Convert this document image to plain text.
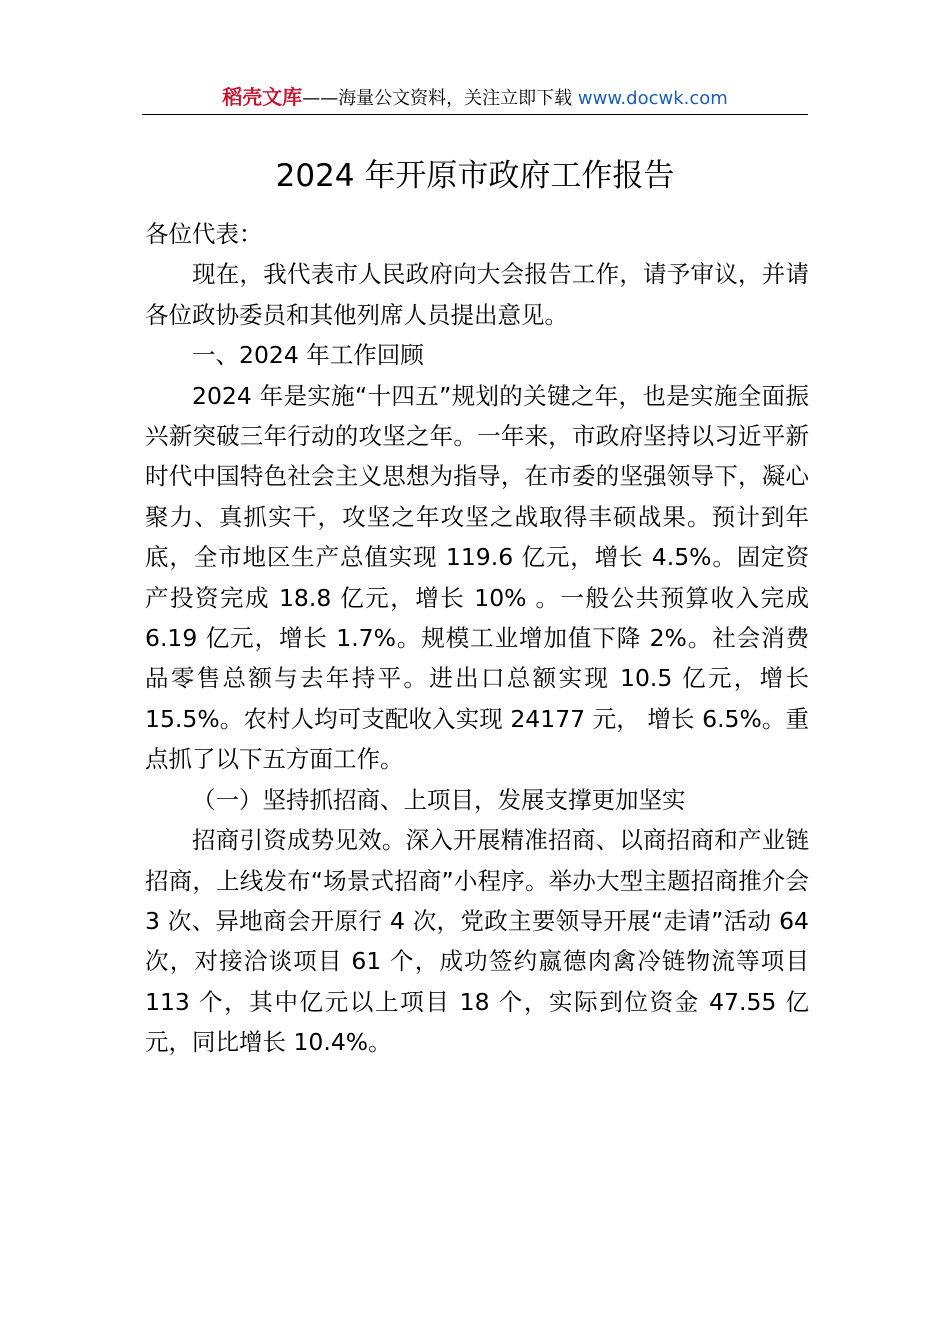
稻壳文库——海量公文资料，关注立即下载 www.docwk.com
2024 年开原市政府工作报告

各位代表：

现在，我代表市人民政府向大会报告工作，请予审议，并请各位政协委员和其他列席人员提出意见。

一、2024 年工作回顾

2024 年是实施“十四五”规划的关键之年，也是实施全面振兴新突破三年行动的攻坚之年。一年来，市政府坚持以习近平新时代中国特色社会主义思想为指导，在市委的坚强领导下，凝心聚力、真抓实干，攻坚之年攻坚之战取得丰硕战果。预计到年底，全市地区生产总值实现 119.6 亿元，增长 4.5%。固定资产投资完成 18.8 亿元，增长 10% 。一般公共预算收入完成 6.19 亿元，增长 1.7%。规模工业增加值下降 2%。社会消费品零售总额与去年持平。进出口总额实现 10.5 亿元，增长 15.5%。农村人均可支配收入实现 24177 元， 增长 6.5%。重点抓了以下五方面工作。

（一）坚持抓招商、上项目，发展支撑更加坚实

招商引资成势见效。深入开展精准招商、以商招商和产业链招商，上线发布“场景式招商”小程序。举办大型主题招商推介会 3 次、异地商会开原行 4 次，党政主要领导开展“走请”活动 64 次，对接洽谈项目 61 个，成功签约嬴德肉禽冷链物流等项目 113 个，其中亿元以上项目 18 个，实际到位资金 47.55 亿元，同比增长 10.4%。
